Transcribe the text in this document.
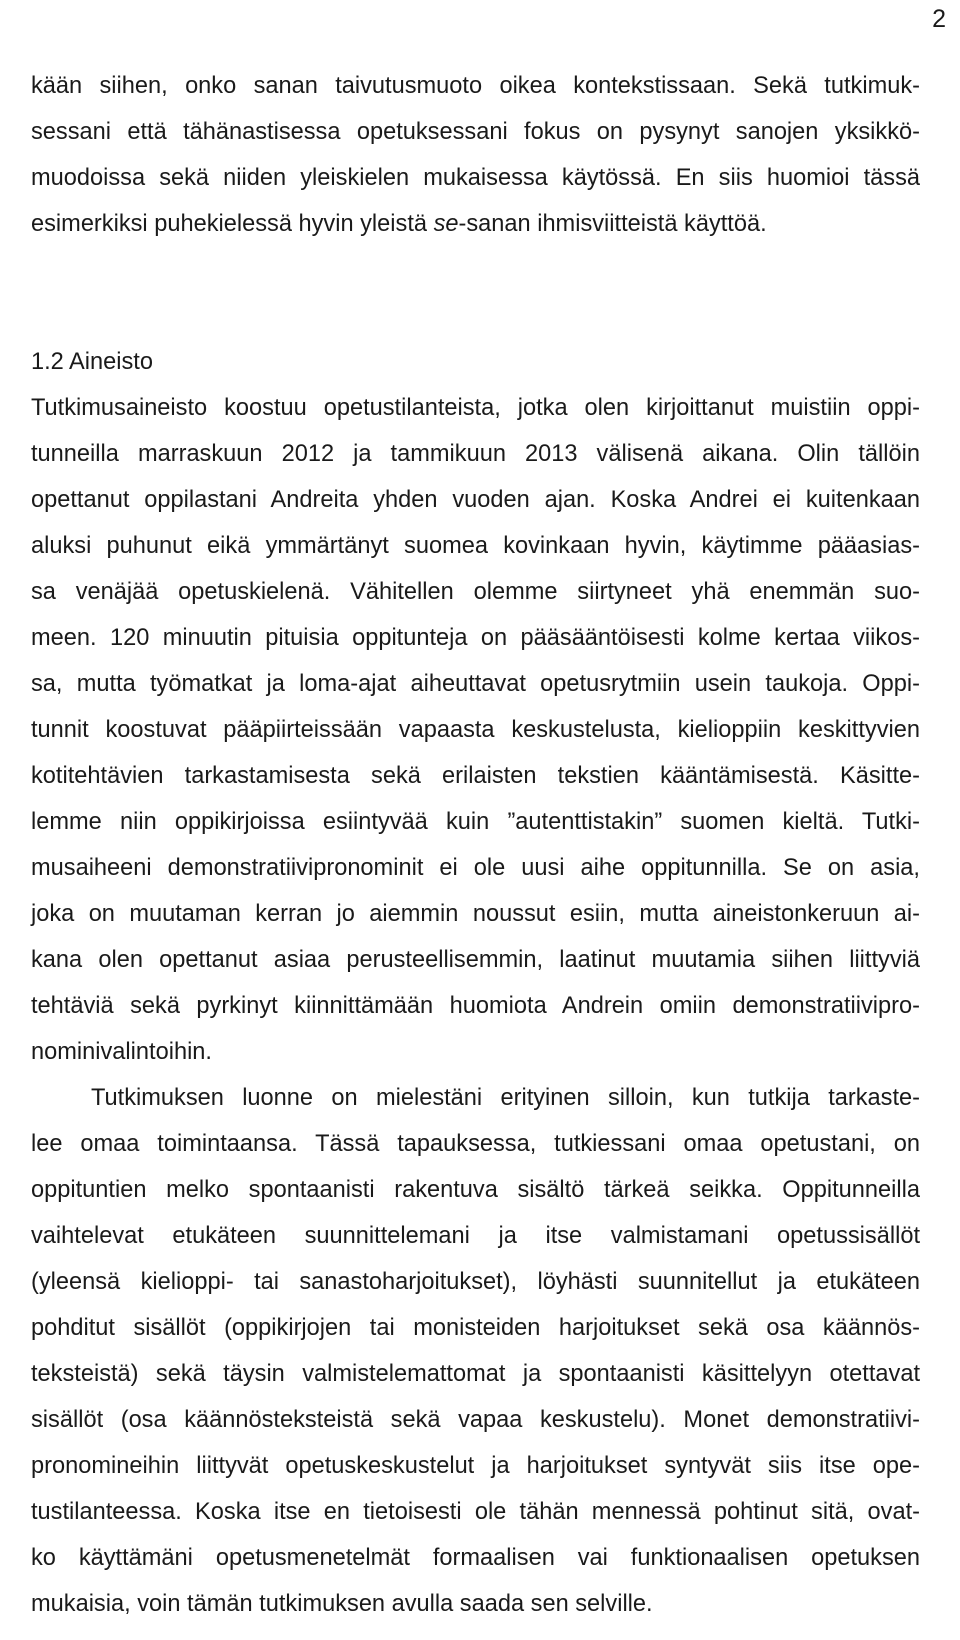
2
kään siihen, onko sanan taivutusmuoto oikea kontekstissaan. Sekä tutkimuk-
sessani että tähänastisessa opetuksessani fokus on pysynyt sanojen yksikkö-
muodoissa sekä niiden yleiskielen mukaisessa käytössä. En siis huomioi tässä
esimerkiksi puhekielessä hyvin yleistä se-sanan ihmisviitteistä käyttöä.
1.2 Aineisto
Tutkimusaineisto koostuu opetustilanteista, jotka olen kirjoittanut muistiin oppi-
tunneilla marraskuun 2012 ja tammikuun 2013 välisenä aikana. Olin tällöin
opettanut oppilastani Andreita yhden vuoden ajan. Koska Andrei ei kuitenkaan
aluksi puhunut eikä ymmärtänyt suomea kovinkaan hyvin, käytimme pääasias-
sa venäjää opetuskielenä. Vähitellen olemme siirtyneet yhä enemmän suo-
meen. 120 minuutin pituisia oppitunteja on pääsääntöisesti kolme kertaa viikos-
sa, mutta työmatkat ja loma-ajat aiheuttavat opetusrytmiin usein taukoja. Oppi-
tunnit koostuvat pääpiirteissään vapaasta keskustelusta, kielioppiin keskittyvien
kotitehtävien tarkastamisesta sekä erilaisten tekstien kääntämisestä. Käsitte-
lemme niin oppikirjoissa esiintyvää kuin ”autenttistakin” suomen kieltä. Tutki-
musaiheeni demonstratiivipronominit ei ole uusi aihe oppitunnilla. Se on asia,
joka on muutaman kerran jo aiemmin noussut esiin, mutta aineistonkeruun ai-
kana olen opettanut asiaa perusteellisemmin, laatinut muutamia siihen liittyviä
tehtäviä sekä pyrkinyt kiinnittämään huomiota Andrein omiin demonstratiivipro-
nominivalintoihin.
Tutkimuksen luonne on mielestäni erityinen silloin, kun tutkija tarkaste-
lee omaa toimintaansa. Tässä tapauksessa, tutkiessani omaa opetustani, on
oppituntien melko spontaanisti rakentuva sisältö tärkeä seikka. Oppitunneilla
vaihtelevat etukäteen suunnittelemani ja itse valmistamani opetussisällöt
(yleensä kielioppi- tai sanastoharjoitukset), löyhästi suunnitellut ja etukäteen
pohditut sisällöt (oppikirjojen tai monisteiden harjoitukset sekä osa käännös-
teksteistä) sekä täysin valmistelemattomat ja spontaanisti käsittelyyn otettavat
sisällöt (osa käännösteksteistä sekä vapaa keskustelu). Monet demonstratiivi-
pronomineihin liittyvät opetuskeskustelut ja harjoitukset syntyvät siis itse ope-
tustilanteessa. Koska itse en tietoisesti ole tähän mennessä pohtinut sitä, ovat-
ko käyttämäni opetusmenetelmät formaalisen vai funktionaalisen opetuksen
mukaisia, voin tämän tutkimuksen avulla saada sen selville.
